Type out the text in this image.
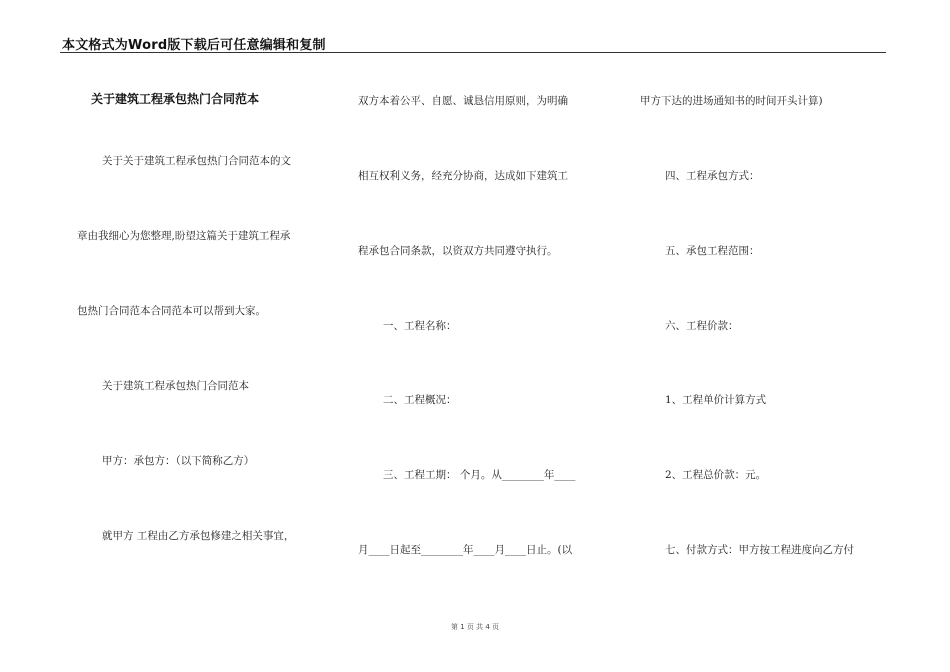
本文格式为Word版下载后可任意编辑和复制
关于建筑工程承包热门合同范本
关于关于建筑工程承包热门合同范本的文
章由我细心为您整理,盼望这篇关于建筑工程承
包热门合同范本合同范本可以帮到大家。
关于建筑工程承包热门合同范本
甲方：承包方：（以下简称乙方）
就甲方 工程由乙方承包修建之相关事宜，
双方本着公平、自愿、诚恳信用原则，为明确
相互权利义务，经充分协商，达成如下建筑工
程承包合同条款，以资双方共同遵守执行。
一、工程名称：
二、工程概况：
三、工程工期： 个月。从________年____
月____日起至________年____月____日止。(以
甲方下达的进场通知书的时间开头计算)
四、工程承包方式：
五、承包工程范围：
六、工程价款：
1、工程单价计算方式
2、工程总价款：元。
七、付款方式：甲方按工程进度向乙方付
第 1 页 共 4 页
